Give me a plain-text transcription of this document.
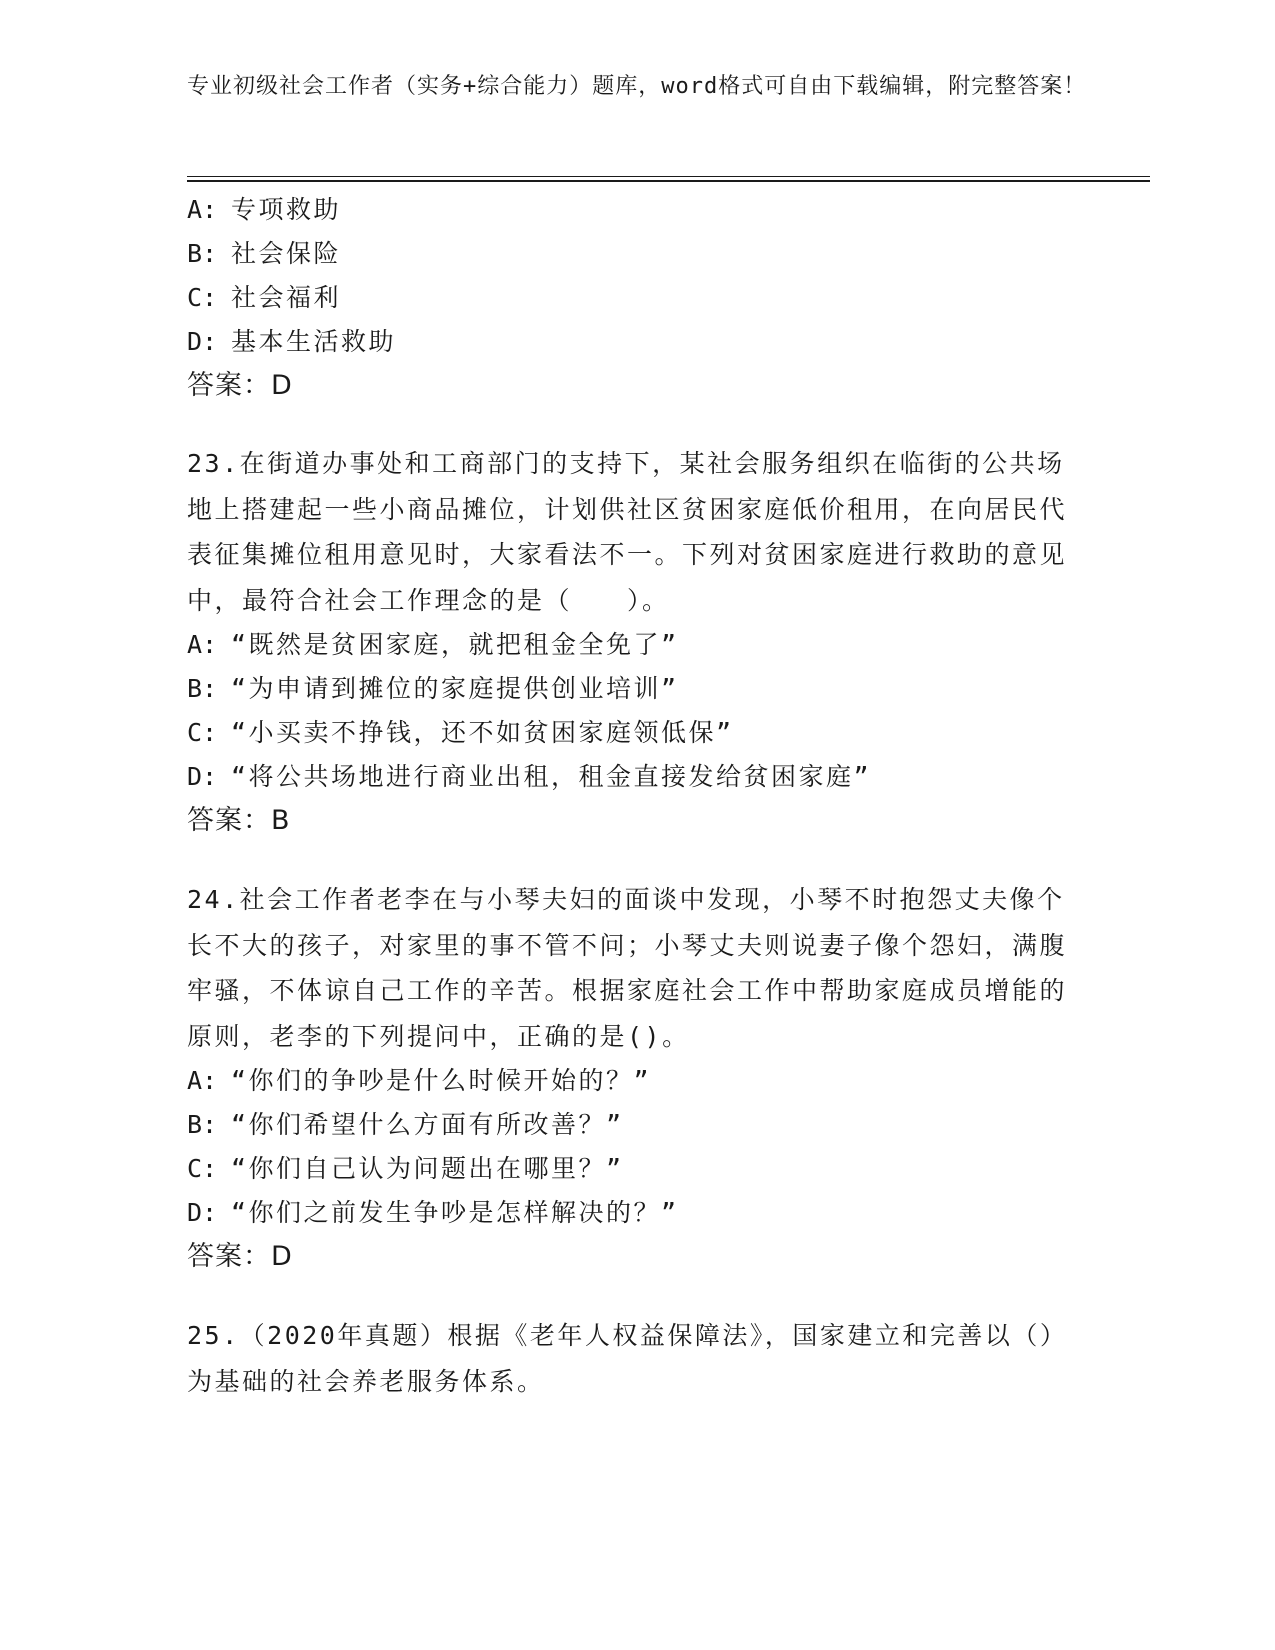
专业初级社会工作者（实务+综合能力）题库，word格式可自由下载编辑，附完整答案！
A: 专项救助
B: 社会保险
C: 社会福利
D: 基本生活救助
答案：D
23.在街道办事处和工商部门的支持下，某社会服务组织在临街的公共场地上搭建起一些小商品摊位，计划供社区贫困家庭低价租用，在向居民代表征集摊位租用意见时，大家看法不一。下列对贫困家庭进行救助的意见中，最符合社会工作理念的是（　　）。
A: “既然是贫困家庭，就把租金全免了”
B: “为申请到摊位的家庭提供创业培训”
C: “小买卖不挣钱，还不如贫困家庭领低保”
D: “将公共场地进行商业出租，租金直接发给贫困家庭”
答案：B
24.社会工作者老李在与小琴夫妇的面谈中发现，小琴不时抱怨丈夫像个长不大的孩子，对家里的事不管不问；小琴丈夫则说妻子像个怨妇，满腹牢骚，不体谅自己工作的辛苦。根据家庭社会工作中帮助家庭成员增能的原则，老李的下列提问中，正确的是()。
A: “你们的争吵是什么时候开始的？”
B: “你们希望什么方面有所改善？”
C: “你们自己认为问题出在哪里？”
D: “你们之前发生争吵是怎样解决的？”
答案：D
25.（2020年真题）根据《老年人权益保障法》，国家建立和完善以（）为基础的社会养老服务体系。
